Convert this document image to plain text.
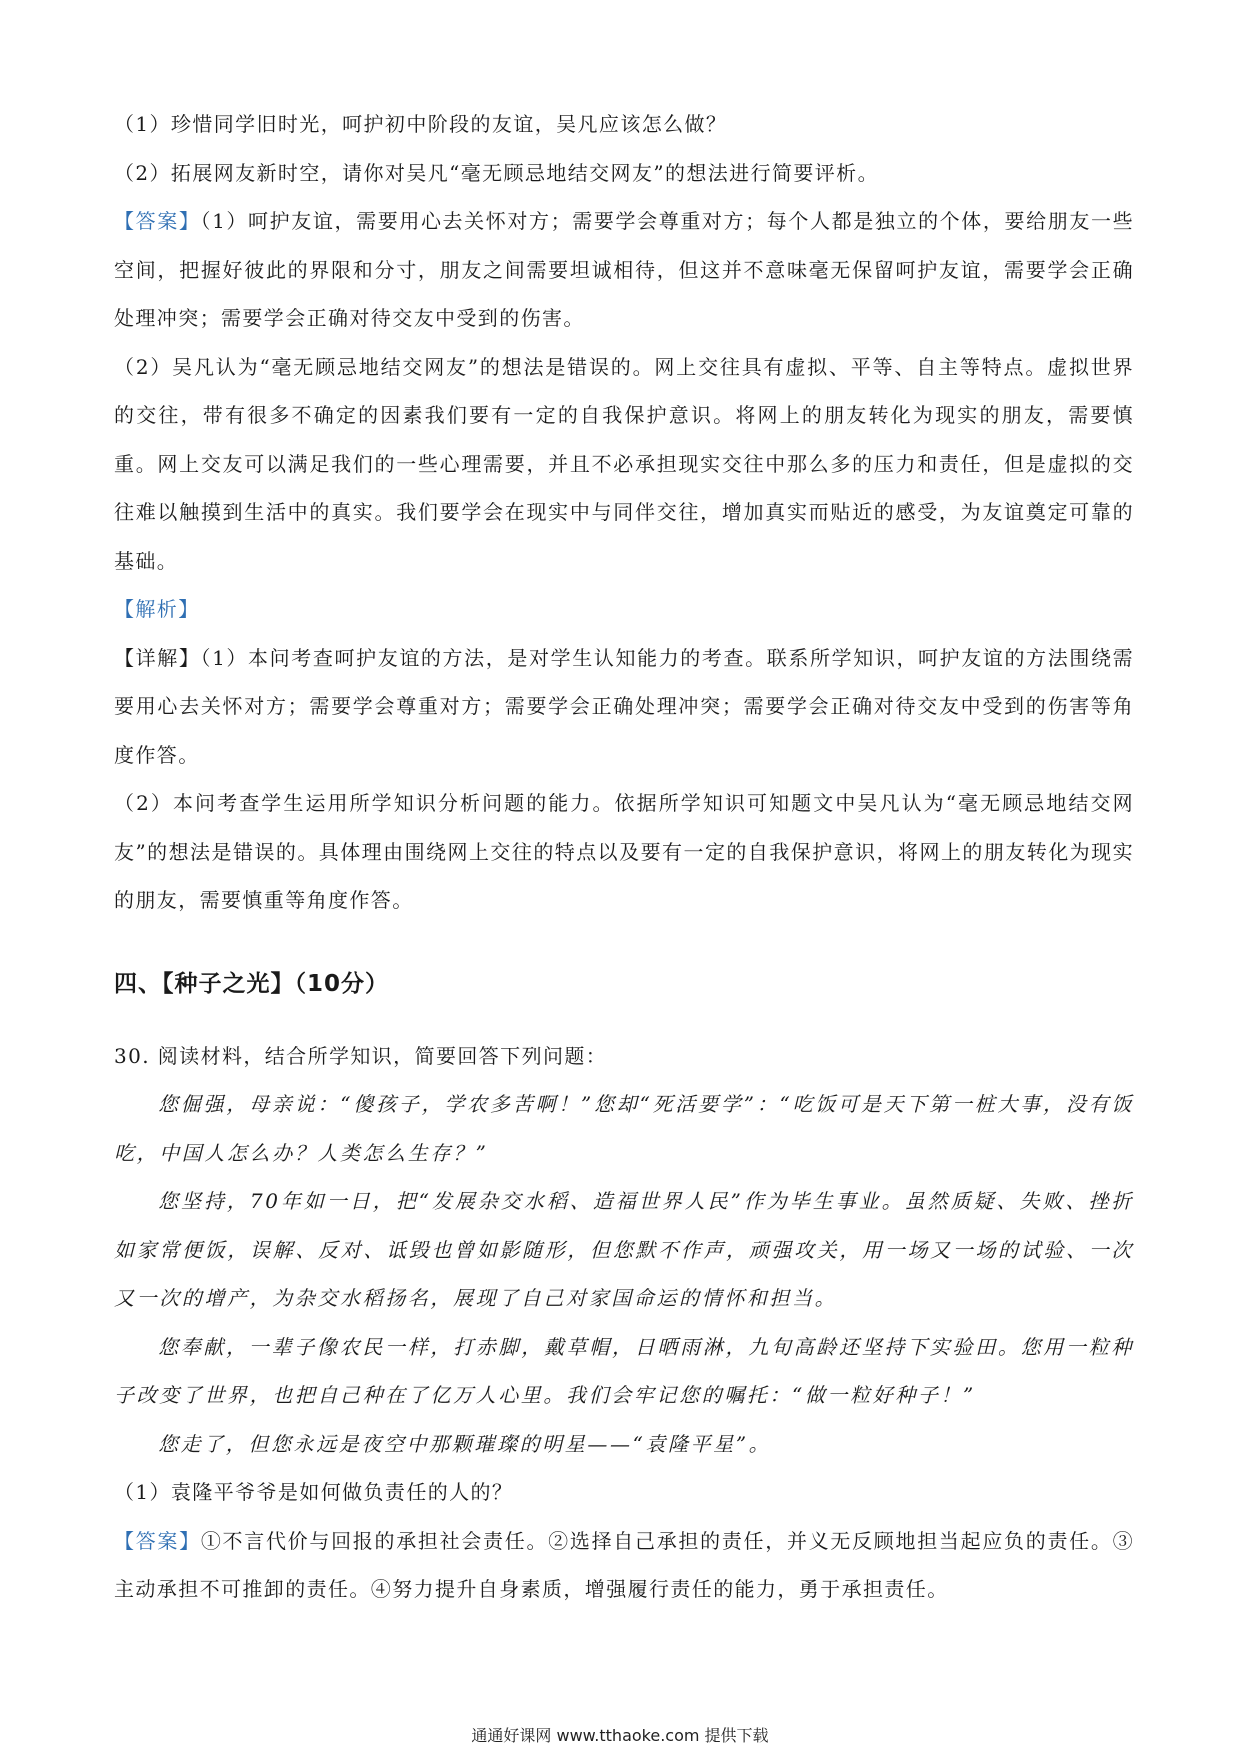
（1）珍惜同学旧时光，呵护初中阶段的友谊，吴凡应该怎么做？

（2）拓展网友新时空，请你对吴凡“毫无顾忌地结交网友”的想法进行简要评析。

【答案】（1）呵护友谊，需要用心去关怀对方；需要学会尊重对方；每个人都是独立的个体，要给朋友一些空间，把握好彼此的界限和分寸，朋友之间需要坦诚相待，但这并不意味毫无保留呵护友谊，需要学会正确处理冲突；需要学会正确对待交友中受到的伤害。

（2）吴凡认为“毫无顾忌地结交网友”的想法是错误的。网上交往具有虚拟、平等、自主等特点。虚拟世界的交往，带有很多不确定的因素我们要有一定的自我保护意识。将网上的朋友转化为现实的朋友，需要慎重。网上交友可以满足我们的一些心理需要，并且不必承担现实交往中那么多的压力和责任，但是虚拟的交往难以触摸到生活中的真实。我们要学会在现实中与同伴交往，增加真实而贴近的感受，为友谊奠定可靠的基础。

【解析】

【详解】（1）本问考查呵护友谊的方法，是对学生认知能力的考查。联系所学知识，呵护友谊的方法围绕需要用心去关怀对方；需要学会尊重对方；需要学会正确处理冲突；需要学会正确对待交友中受到的伤害等角度作答。

（2）本问考查学生运用所学知识分析问题的能力。依据所学知识可知题文中吴凡认为“毫无顾忌地结交网友”的想法是错误的。具体理由围绕网上交往的特点以及要有一定的自我保护意识，将网上的朋友转化为现实的朋友，需要慎重等角度作答。

四、【种子之光】（10分）

30. 阅读材料，结合所学知识，简要回答下列问题：

您倔强，母亲说：“傻孩子，学农多苦啊！”您却“死活要学”：“吃饭可是天下第一桩大事，没有饭吃，中国人怎么办？人类怎么生存？”

您坚持，70年如一日，把“发展杂交水稻、造福世界人民”作为毕生事业。虽然质疑、失败、挫折如家常便饭，误解、反对、诋毁也曾如影随形，但您默不作声，顽强攻关，用一场又一场的试验、一次又一次的增产，为杂交水稻扬名，展现了自己对家国命运的情怀和担当。

您奉献，一辈子像农民一样，打赤脚，戴草帽，日晒雨淋，九旬高龄还坚持下实验田。您用一粒种子改变了世界，也把自己种在了亿万人心里。我们会牢记您的嘱托：“做一粒好种子！”

您走了，但您永远是夜空中那颗璀璨的明星——“袁隆平星”。

（1）袁隆平爷爷是如何做负责任的人的？

【答案】①不言代价与回报的承担社会责任。②选择自己承担的责任，并义无反顾地担当起应负的责任。③主动承担不可推卸的责任。④努力提升自身素质，增强履行责任的能力，勇于承担责任。

通通好课网 www.tthaoke.com 提供下载
